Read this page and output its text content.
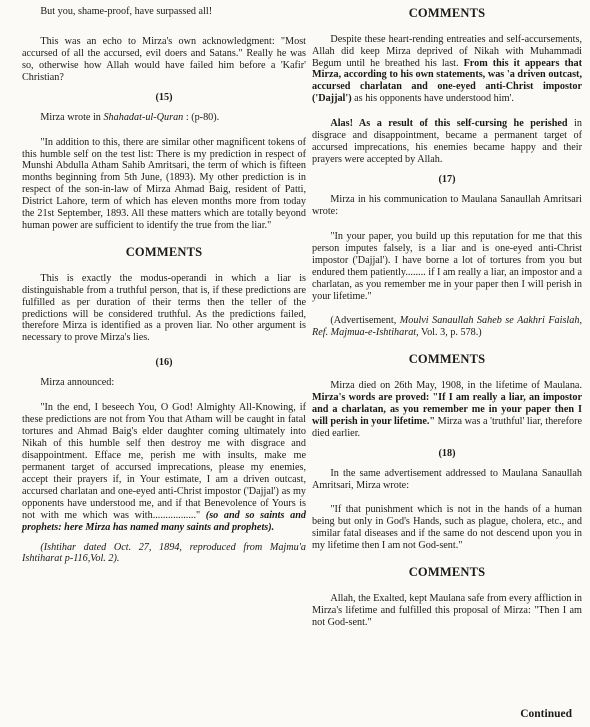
But you, shame-proof, have surpassed all!

This was an echo to Mirza's own acknowledgment: "Most accursed of all the accursed, evil doers and Satans." Really he was so, otherwise how Allah would have failed him before a 'Kafir' Christian?

(15)

Mirza wrote in Shahadat-ul-Quran : (p-80).

"In addition to this, there are similar other magnificent tokens of this humble self on the test list: There is my prediction in respect of Munshi Abdulla Atham Sahib Amritsari, the term of which is fifteen months beginning from 5th June, (1893). My other prediction is in respect of the son-in-law of Mirza Ahmad Baig, resident of Patti, District Lahore, term of which has eleven months more from today the 21st September, 1893. All these matters which are totally beyond human power are sufficient to identify the true from the liar."

COMMENTS

This is exactly the modus-operandi in which a liar is distinguishable from a truthful person, that is, if these predictions are fulfilled as per duration of their terms then the teller of the predictions will be considered truthful. As the predictions failed, therefore Mirza is identified as a proven liar. No other argument is necessary to prove Mirza's lies.

(16)

Mirza announced:

"In the end, I beseech You, O God! Almighty All-Knowing, if these predictions are not from You that Atham will be caught in fatal tortures and Ahmad Baig's elder daughter coming ultimately into Nikah of this humble self then destroy me with disgrace and disappointment. Efface me, perish me with insults, make me permanent target of accursed imprecations, please my enemies, accept their prayers if, in Your estimate, I am a driven outcast, accursed charlatan and one-eyed anti-Christ impostor ('Dajjal') as my opponents have understood me, and if that Benevolence of Yours is not with me which was with................." (so and so saints and prophets: here Mirza has named many saints and prophets).

(Ishtihar dated Oct. 27, 1894, reproduced from Majmu'a Ishtiharat p-116,Vol. 2).

COMMENTS

Despite these heart-rending entreaties and self-accursements, Allah did keep Mirza deprived of Nikah with Muhammadi Begum until he breathed his last. From this it appears that Mirza, according to his own statements, was 'a driven outcast, accursed charlatan and one-eyed anti-Christ impostor ('Dajjal') as his opponents have understood him'.

Alas! As a result of this self-cursing he perished in disgrace and disappointment, became a permanent target of accursed imprecations, his enemies became happy and their prayers were accepted by Allah.

(17)

Mirza in his communication to Maulana Sanaullah Amritsari wrote:

"In your paper, you build up this reputation for me that this person imputes falsely, is a liar and is one-eyed anti-Christ impostor ('Dajjal'). I have borne a lot of tortures from you but endured them patiently........ if I am really a liar, an impostor and a charlatan, as you remember me in your paper then I will perish in your lifetime."

(Advertisement, Moulvi Sanaullah Saheb se Aakhri Faislah, Ref. Majmua-e-Ishtiharat, Vol. 3, p. 578.)

COMMENTS

Mirza died on 26th May, 1908, in the lifetime of Maulana. Mirza's words are proved: "If I am really a liar, an impostor and a charlatan, as you remember me in your paper then I will perish in your lifetime." Mirza was a 'truthful' liar, therefore died earlier.

(18)

In the same advertisement addressed to Maulana Sanaullah Amritsari, Mirza wrote:

"If that punishment which is not in the hands of a human being but only in God's Hands, such as plague, cholera, etc., and similar fatal diseases and if the same do not descend upon you in my lifetime then I am not God-sent."

COMMENTS

Allah, the Exalted, kept Maulana safe from every affliction in Mirza's lifetime and fulfilled this proposal of Mirza: "Then I am not God-sent."

Continued
